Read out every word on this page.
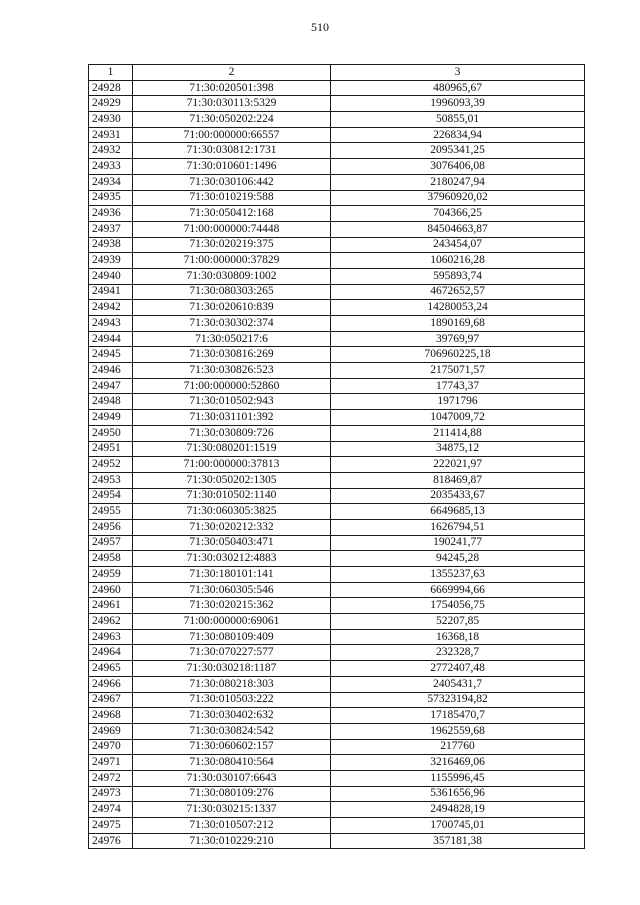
510
1	2	3
24928	71:30:020501:398	480965,67
24929	71:30:030113:5329	1996093,39
24930	71:30:050202:224	50855,01
24931	71:00:000000:66557	226834,94
24932	71:30:030812:1731	2095341,25
24933	71:30:010601:1496	3076406,08
24934	71:30:030106:442	2180247,94
24935	71:30:010219:588	37960920,02
24936	71:30:050412:168	704366,25
24937	71:00:000000:74448	84504663,87
24938	71:30:020219:375	243454,07
24939	71:00:000000:37829	1060216,28
24940	71:30:030809:1002	595893,74
24941	71:30:080303:265	4672652,57
24942	71:30:020610:839	14280053,24
24943	71:30:030302:374	1890169,68
24944	71:30:050217:6	39769,97
24945	71:30:030816:269	706960225,18
24946	71:30:030826:523	2175071,57
24947	71:00:000000:52860	17743,37
24948	71:30:010502:943	1971796
24949	71:30:031101:392	1047009,72
24950	71:30:030809:726	211414,88
24951	71:30:080201:1519	34875,12
24952	71:00:000000:37813	222021,97
24953	71:30:050202:1305	818469,87
24954	71:30:010502:1140	2035433,67
24955	71:30:060305:3825	6649685,13
24956	71:30:020212:332	1626794,51
24957	71:30:050403:471	190241,77
24958	71:30:030212:4883	94245,28
24959	71:30:180101:141	1355237,63
24960	71:30:060305:546	6669994,66
24961	71:30:020215:362	1754056,75
24962	71:00:000000:69061	52207,85
24963	71:30:080109:409	16368,18
24964	71:30:070227:577	232328,7
24965	71:30:030218:1187	2772407,48
24966	71:30:080218:303	2405431,7
24967	71:30:010503:222	57323194,82
24968	71:30:030402:632	17185470,7
24969	71:30:030824:542	1962559,68
24970	71:30:060602:157	217760
24971	71:30:080410:564	3216469,06
24972	71:30:030107:6643	1155996,45
24973	71:30:080109:276	5361656,96
24974	71:30:030215:1337	2494828,19
24975	71:30:010507:212	1700745,01
24976	71:30:010229:210	357181,38
